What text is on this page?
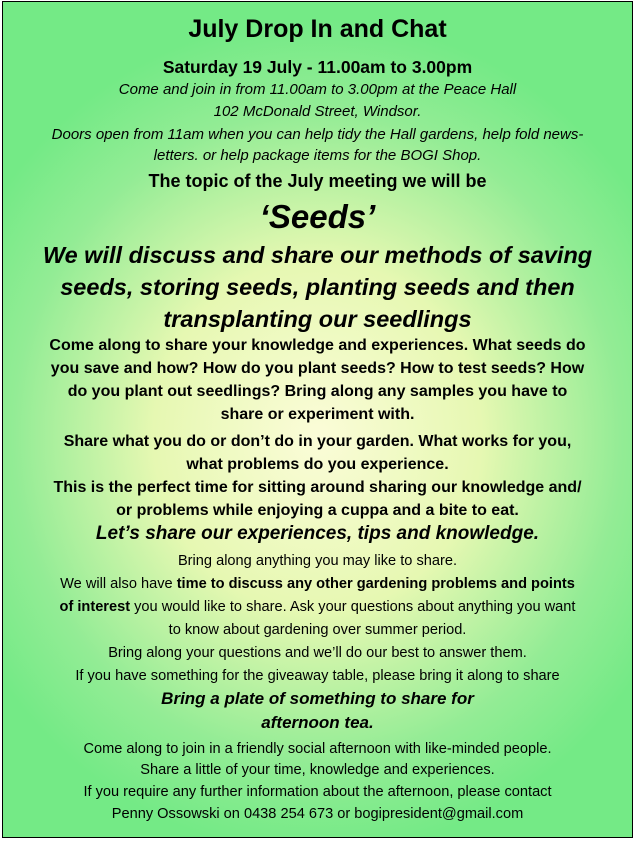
July Drop In and Chat
Saturday 19 July - 11.00am to 3.00pm
Come and join in from 11.00am to 3.00pm at the Peace Hall
102 McDonald Street, Windsor.
Doors open from 11am when you can help tidy the Hall gardens, help fold news-
letters. or help package items for the BOGI Shop.
The topic of the July meeting we will be
‘Seeds’
We will discuss and share our methods of saving
seeds, storing seeds, planting seeds and then
transplanting our seedlings
Come along to share your knowledge and experiences. What seeds do
you save and how? How do you plant seeds? How to test seeds? How
do you plant out seedlings? Bring along any samples you have to
share or experiment with.
Share what you do or don’t do in your garden. What works for you,
what problems do you experience.
This is the perfect time for sitting around sharing our knowledge and/
or problems while enjoying a cuppa and a bite to eat.
Let’s share our experiences, tips and knowledge.
Bring along anything you may like to share.
We will also have time to discuss any other gardening problems and points
of interest you would like to share. Ask your questions about anything you want
to know about gardening over summer period.
Bring along your questions and we’ll do our best to answer them.
If you have something for the giveaway table, please bring it along to share
Bring a plate of something to share for
afternoon tea.
Come along to join in a friendly social afternoon with like-minded people.
Share a little of your time, knowledge and experiences.
If you require any further information about the afternoon, please contact
Penny Ossowski on 0438 254 673 or bogipresident@gmail.com
